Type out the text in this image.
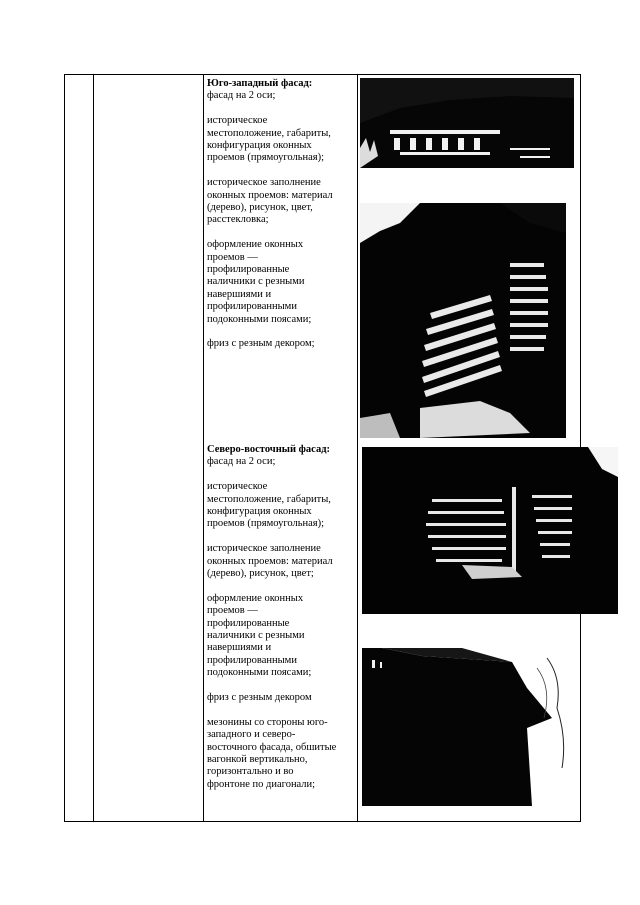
Юго-западный фасад:

фасад на 2 оси;

историческое
местоположение, габариты,
конфигурация оконных
проемов (прямоугольная);

историческое заполнение
оконных проемов: материал
(дерево), рисунок, цвет,
расстекловка;

оформление оконных
проемов —
профилированные
наличники с резными
навершиями и
профилированными
подоконными поясами;

фриз с резным декором;

Северо-восточный фасад:

фасад на 2 оси;

историческое
местоположение, габариты,
конфигурация оконных
проемов (прямоугольная);

историческое заполнение
оконных проемов: материал
(дерево), рисунок, цвет;

оформление оконных
проемов —
профилированные
наличники с резными
навершиями и
профилированными
подоконными поясами;

фриз с резным декором

мезонины со стороны юго-
западного и северо-
восточного фасада, обшитые
вагонкой вертикально,
горизонтально и во
фронтоне по диагонали;
